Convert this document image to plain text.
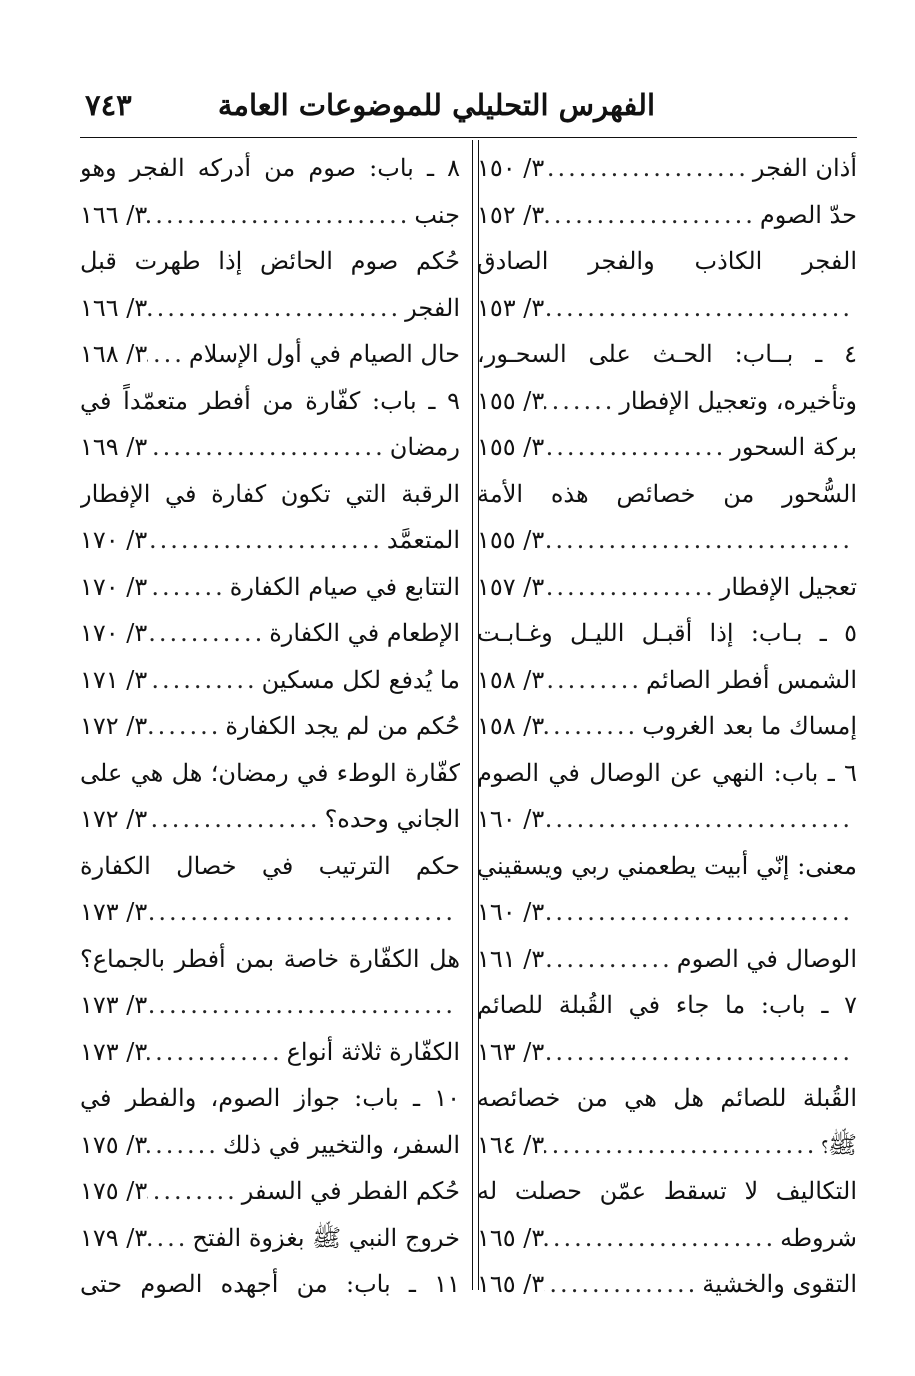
الفهرس التحليلي للموضوعات العامة
٧٤٣
أذان الفجر
.....
٣/ ١٥٠
حدّ الصوم
.....
٣/ ١٥٢
الفجر الكاذب والفجر الصادق
.....
٣/ ١٥٣
٤ ـ بــاب: الحـث على السحـور،
وتأخيره، وتعجيل الإفطار
.....
٣/ ١٥٥
بركة السحور
.....
٣/ ١٥٥
السُّحور من خصائص هذه الأمة
.....
٣/ ١٥٥
تعجيل الإفطار
.....
٣/ ١٥٧
٥ ـ بـاب: إذا أقبـل الليـل وغـابـت
الشمس أفطر الصائم
.....
٣/ ١٥٨
إمساك ما بعد الغروب
.....
٣/ ١٥٨
٦ ـ باب: النهي عن الوصال في الصوم
.....
٣/ ١٦٠
معنى: إنّي أبيت يطعمني ربي ويسقيني
.....
٣/ ١٦٠
الوصال في الصوم
.....
٣/ ١٦١
٧ ـ باب: ما جاء في القُبلة للصائم
.....
٣/ ١٦٣
القُبلة للصائم هل هي من خصائصه
ﷺ؟
.....
٣/ ١٦٤
التكاليف لا تسقط عمّن حصلت له
شروطه
.....
٣/ ١٦٥
التقوى والخشية
.....
٣/ ١٦٥
٨ ـ باب: صوم من أدركه الفجر وهو
جنب
.....
٣/ ١٦٦
حُكم صوم الحائض إذا طهرت قبل
الفجر
.....
٣/ ١٦٦
حال الصيام في أول الإسلام
.....
٣/ ١٦٨
٩ ـ باب: كفّارة من أفطر متعمّداً في
رمضان
.....
٣/ ١٦٩
الرقبة التي تكون كفارة في الإفطار
المتعمَّد
.....
٣/ ١٧٠
التتابع في صيام الكفارة
.....
٣/ ١٧٠
الإطعام في الكفارة
.....
٣/ ١٧٠
ما يُدفع لكل مسكين
.....
٣/ ١٧١
حُكم من لم يجد الكفارة
.....
٣/ ١٧٢
كفّارة الوطء في رمضان؛ هل هي على
الجاني وحده؟
.....
٣/ ١٧٢
حكم الترتيب في خصال الكفارة
.....
٣/ ١٧٣
هل الكفّارة خاصة بمن أفطر بالجماع؟
.....
٣/ ١٧٣
الكفّارة ثلاثة أنواع
.....
٣/ ١٧٣
١٠ ـ باب: جواز الصوم، والفطر في
السفر، والتخيير في ذلك
.....
٣/ ١٧٥
حُكم الفطر في السفر
.....
٣/ ١٧٥
خروج النبي ﷺ بغزوة الفتح
.....
٣/ ١٧٩
١١ ـ باب: من أجهده الصوم حتى
